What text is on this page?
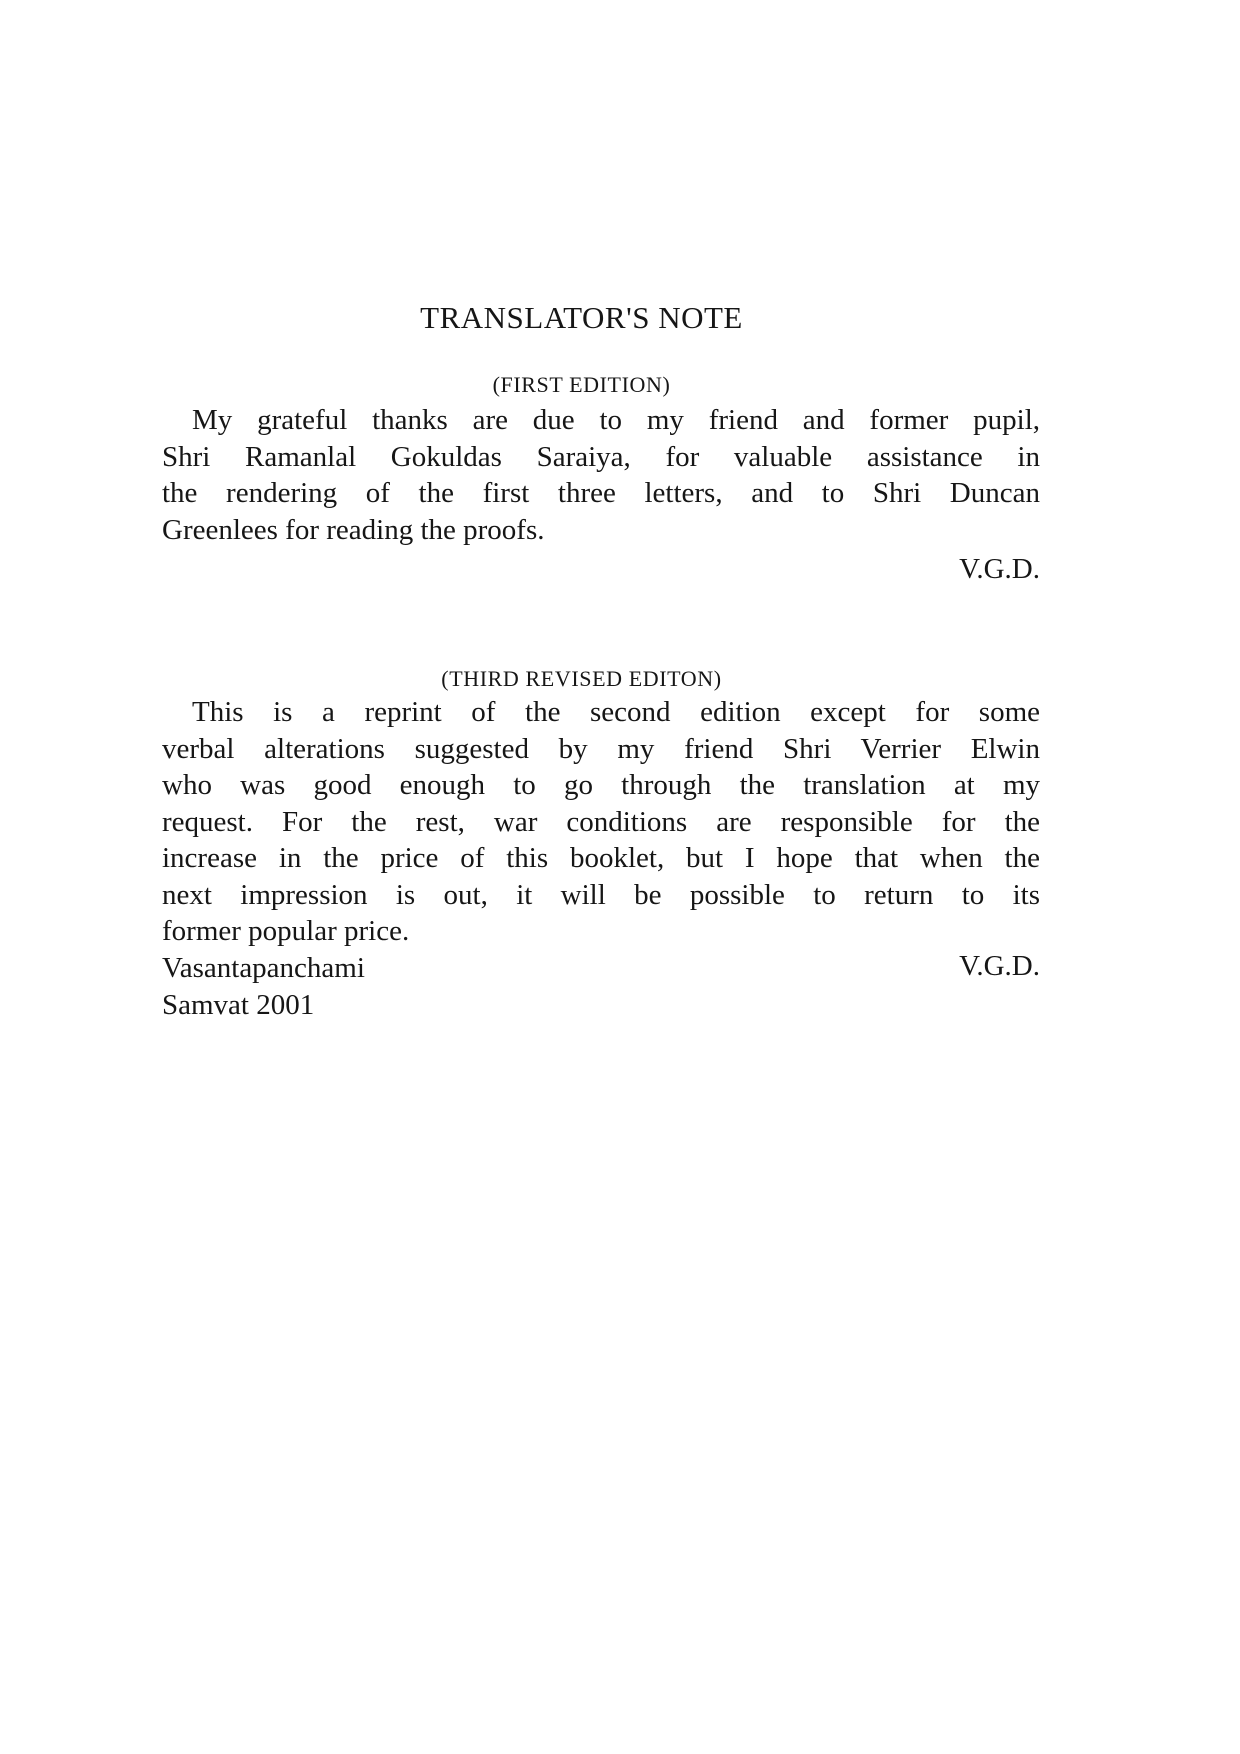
TRANSLATOR'S NOTE
(FIRST EDITION)
My grateful thanks are due to my friend and former pupil,
Shri Ramanlal Gokuldas Saraiya, for valuable assistance in
the rendering of the first three letters, and to Shri Duncan
Greenlees for reading the proofs.
V.G.D.
(THIRD REVISED EDITON)
This is a reprint of the second edition except for some
verbal alterations suggested by my friend Shri Verrier Elwin
who was good enough to go through the translation at my
request. For the rest, war conditions are responsible for the
increase in the price of this booklet, but I hope that when the
next impression is out, it will be possible to return to its
former popular price.
Vasantapanchami
Samvat 2001
V.G.D.
